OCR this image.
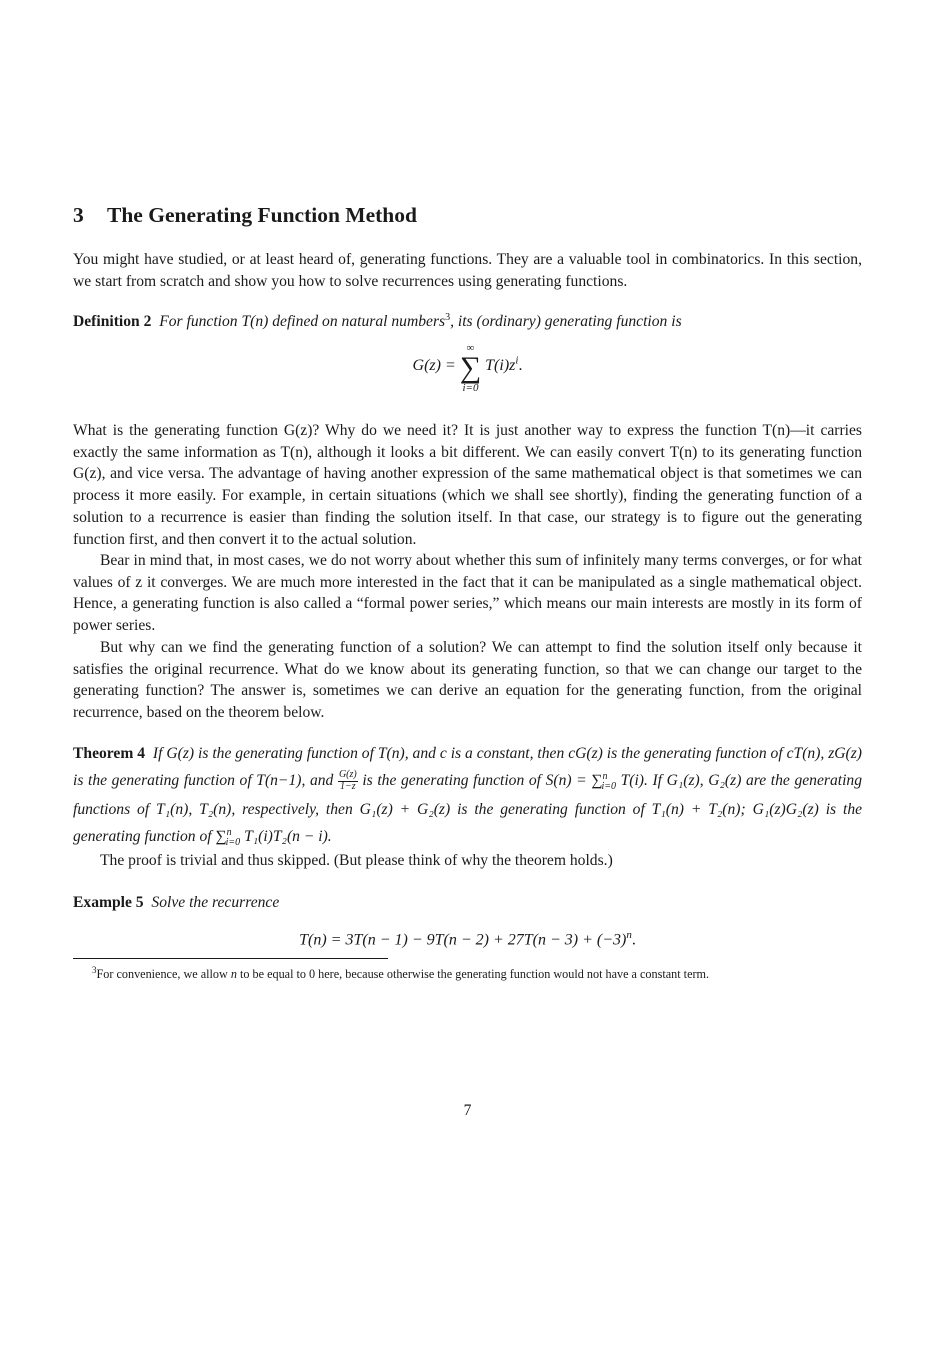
3 The Generating Function Method

You might have studied, or at least heard of, generating functions. They are a valuable tool in combinatorics. In this section, we start from scratch and show you how to solve recurrences using generating functions.

Definition 2 For function T(n) defined on natural numbers$^3$, its (ordinary) generating function is

G(z) =
∞
∑
i=0
$T(i)z^i$.

What is the generating function G(z)? Why do we need it? It is just another way to express the function T(n)—it carries exactly the same information as T(n), although it looks a bit different. We can easily convert T(n) to its generating function G(z), and vice versa. The advantage of having another expression of the same mathematical object is that sometimes we can process it more easily. For example, in certain situations (which we shall see shortly), finding the generating function of a solution to a recurrence is easier than finding the solution itself. In that case, our strategy is to figure out the generating function first, and then convert it to the actual solution.

Bear in mind that, in most cases, we do not worry about whether this sum of infinitely many terms converges, or for what values of z it converges. We are much more interested in the fact that it can be manipulated as a single mathematical object. Hence, a generating function is also called a “formal power series,” which means our main interests are mostly in its form of power series.

But why can we find the generating function of a solution? We can attempt to find the solution itself only because it satisfies the original recurrence. What do we know about its generating function, so that we can change our target to the generating function? The answer is, sometimes we can derive an equation for the generating function, from the original recurrence, based on the theorem below.

Theorem 4 If G(z) is the generating function of T(n), and c is a constant, then cG(z) is the generating function of cT(n), zG(z) is the generating function of T(n−1), and $\frac{G(z)}{1-z}$ is the generating function of S(n) = ∑$^n_{i=0}$ T(i). If G₁(z), G₂(z) are the generating functions of T₁(n), T₂(n), respectively, then G₁(z) + G₂(z) is the generating function of T₁(n) + T₂(n); G₁(z)G₂(z) is the generating function of ∑$^n_{i=0}$ T₁(i)T₂(n − i).

The proof is trivial and thus skipped. (But please think of why the theorem holds.)

Example 5 Solve the recurrence

$T(n) = 3T(n - 1) - 9T(n - 2) + 27T(n - 3) + (-3)^n$.

$^3$For convenience, we allow n to be equal to 0 here, because otherwise the generating function would not have a constant term.

7
